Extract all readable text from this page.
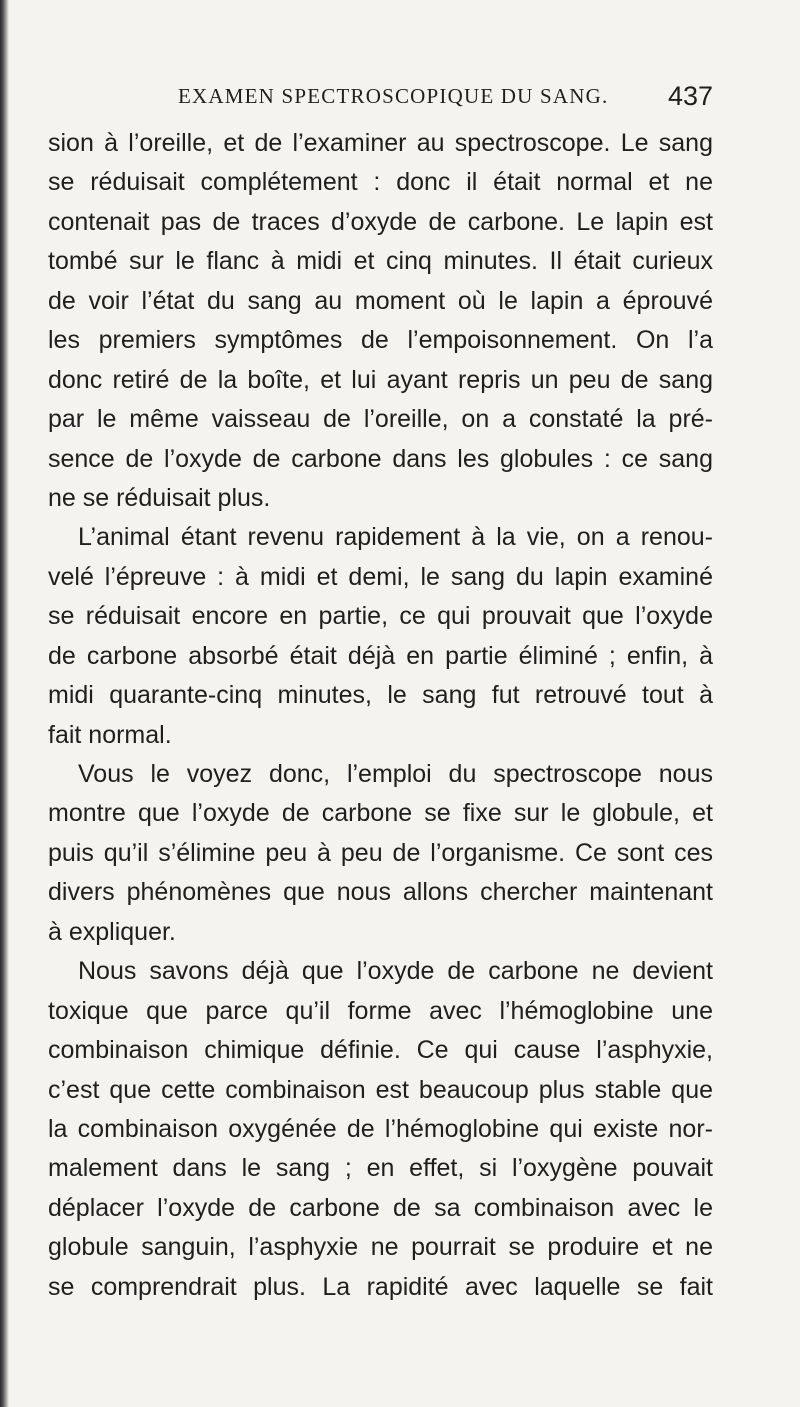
EXAMEN SPECTROSCOPIQUE DU SANG. 437
sion à l’oreille, et de l’examiner au spectroscope. Le sang
se réduisait complétement : donc il était normal et ne
contenait pas de traces d’oxyde de carbone. Le lapin est
tombé sur le flanc à midi et cinq minutes. Il était curieux
de voir l’état du sang au moment où le lapin a éprouvé
les premiers symptômes de l’empoisonnement. On l’a
donc retiré de la boîte, et lui ayant repris un peu de sang
par le même vaisseau de l’oreille, on a constaté la pré-
sence de l’oxyde de carbone dans les globules : ce sang
ne se réduisait plus.
L’animal étant revenu rapidement à la vie, on a renou-
velé l’épreuve : à midi et demi, le sang du lapin examiné
se réduisait encore en partie, ce qui prouvait que l’oxyde
de carbone absorbé était déjà en partie éliminé ; enfin, à
midi quarante-cinq minutes, le sang fut retrouvé tout à
fait normal.
Vous le voyez donc, l’emploi du spectroscope nous
montre que l’oxyde de carbone se fixe sur le globule, et
puis qu’il s’élimine peu à peu de l’organisme. Ce sont ces
divers phénomènes que nous allons chercher maintenant
à expliquer.
Nous savons déjà que l’oxyde de carbone ne devient
toxique que parce qu’il forme avec l’hémoglobine une
combinaison chimique définie. Ce qui cause l’asphyxie,
c’est que cette combinaison est beaucoup plus stable que
la combinaison oxygénée de l’hémoglobine qui existe nor-
malement dans le sang ; en effet, si l’oxygène pouvait
déplacer l’oxyde de carbone de sa combinaison avec le
globule sanguin, l’asphyxie ne pourrait se produire et ne
se comprendrait plus. La rapidité avec laquelle se fait
